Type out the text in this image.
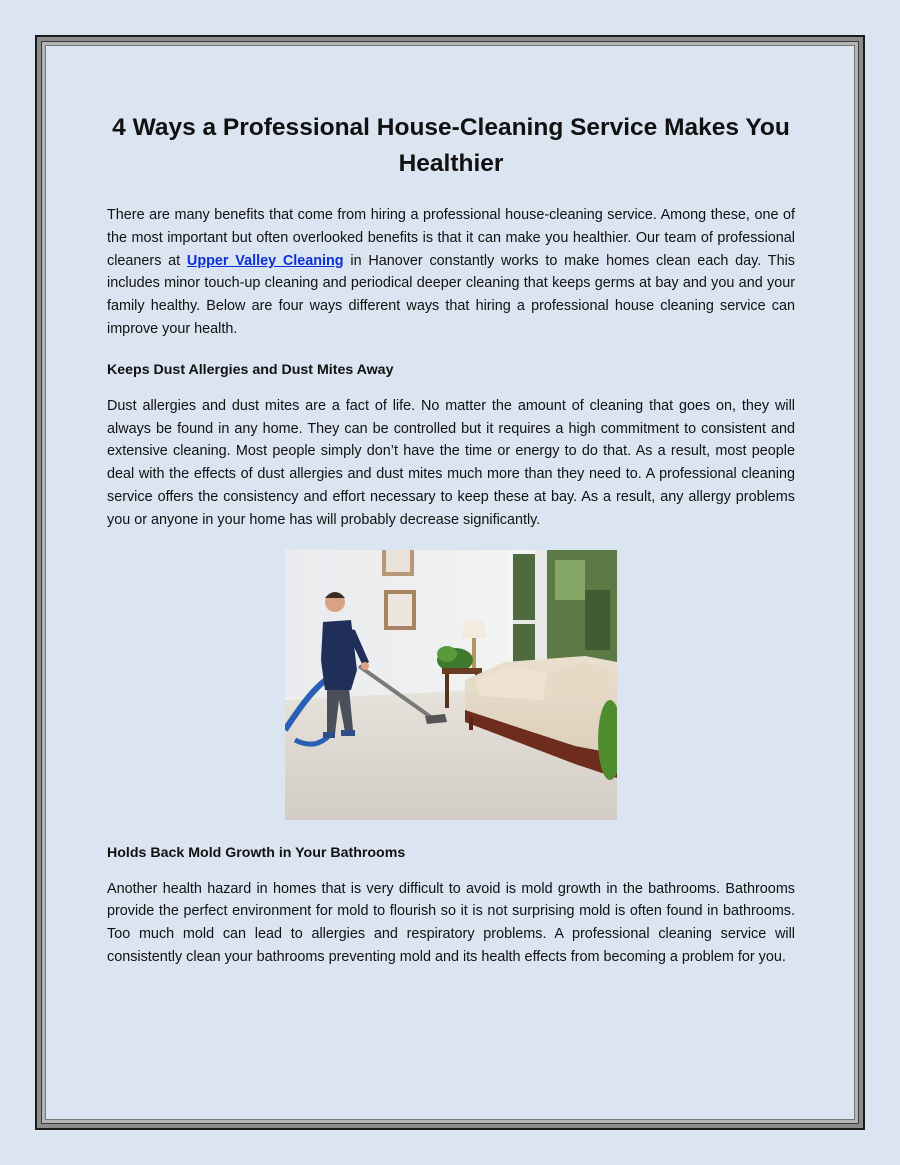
4 Ways a Professional House-Cleaning Service Makes You Healthier

There are many benefits that come from hiring a professional house-cleaning service. Among these, one of the most important but often overlooked benefits is that it can make you healthier. Our team of professional cleaners at Upper Valley Cleaning in Hanover constantly works to make homes clean each day. This includes minor touch-up cleaning and periodical deeper cleaning that keeps germs at bay and you and your family healthy. Below are four ways different ways that hiring a professional house cleaning service can improve your health.

Keeps Dust Allergies and Dust Mites Away

Dust allergies and dust mites are a fact of life. No matter the amount of cleaning that goes on, they will always be found in any home. They can be controlled but it requires a high commitment to consistent and extensive cleaning. Most people simply don’t have the time or energy to do that. As a result, most people deal with the effects of dust allergies and dust mites much more than they need to. A professional cleaning service offers the consistency and effort necessary to keep these at bay. As a result, any allergy problems you or anyone in your home has will probably decrease significantly.

Holds Back Mold Growth in Your Bathrooms

Another health hazard in homes that is very difficult to avoid is mold growth in the bathrooms. Bathrooms provide the perfect environment for mold to flourish so it is not surprising mold is often found in bathrooms. Too much mold can lead to allergies and respiratory problems. A professional cleaning service will consistently clean your bathrooms preventing mold and its health effects from becoming a problem for you.
